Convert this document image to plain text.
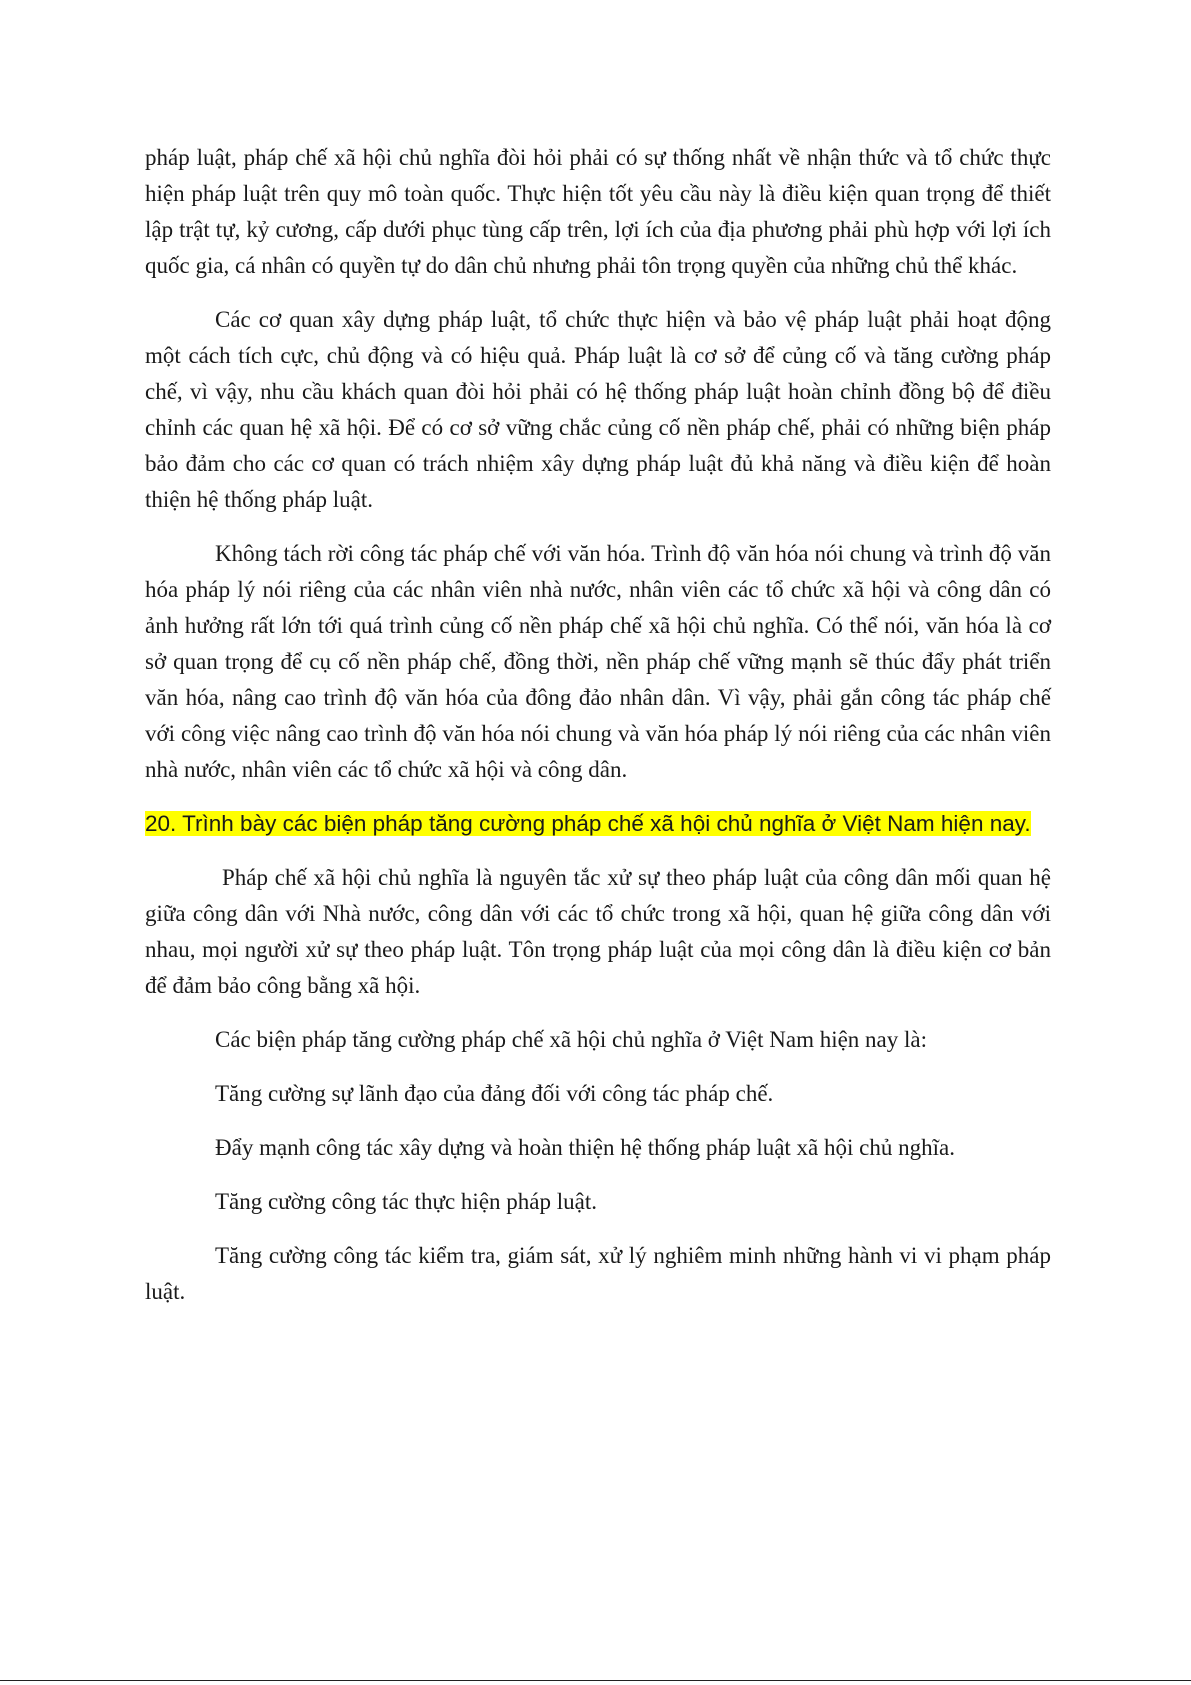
pháp luật, pháp chế xã hội chủ nghĩa đòi hỏi phải có sự thống nhất về nhận thức và tổ chức thực hiện pháp luật trên quy mô toàn quốc. Thực hiện tốt yêu cầu này là điều kiện quan trọng để thiết lập trật tự, kỷ cương, cấp dưới phục tùng cấp trên, lợi ích của địa phương phải phù hợp với lợi ích quốc gia, cá nhân có quyền tự do dân chủ nhưng phải tôn trọng quyền của những chủ thể khác.

Các cơ quan xây dựng pháp luật, tổ chức thực hiện và bảo vệ pháp luật phải hoạt động một cách tích cực, chủ động và có hiệu quả. Pháp luật là cơ sở để củng cố và tăng cường pháp chế, vì vậy, nhu cầu khách quan đòi hỏi phải có hệ thống pháp luật hoàn chỉnh đồng bộ để điều chỉnh các quan hệ xã hội. Để có cơ sở vững chắc củng cố nền pháp chế, phải có những biện pháp bảo đảm cho các cơ quan có trách nhiệm xây dựng pháp luật đủ khả năng và điều kiện để hoàn thiện hệ thống pháp luật.

Không tách rời công tác pháp chế với văn hóa. Trình độ văn hóa nói chung và trình độ văn hóa pháp lý nói riêng của các nhân viên nhà nước, nhân viên các tổ chức xã hội và công dân có ảnh hưởng rất lớn tới quá trình củng cố nền pháp chế xã hội chủ nghĩa. Có thể nói, văn hóa là cơ sở quan trọng để cụ cố nền pháp chế, đồng thời, nền pháp chế vững mạnh sẽ thúc đẩy phát triển văn hóa, nâng cao trình độ văn hóa của đông đảo nhân dân. Vì vậy, phải gắn công tác pháp chế với công việc nâng cao trình độ văn hóa nói chung và văn hóa pháp lý nói riêng của các nhân viên nhà nước, nhân viên các tổ chức xã hội và công dân.

20. Trình bày các biện pháp tăng cường pháp chế xã hội chủ nghĩa ở Việt Nam hiện nay.

Pháp chế xã hội chủ nghĩa là nguyên tắc xử sự theo pháp luật của công dân mối quan hệ giữa công dân với Nhà nước, công dân với các tổ chức trong xã hội, quan hệ giữa công dân với nhau, mọi người xử sự theo pháp luật. Tôn trọng pháp luật của mọi công dân là điều kiện cơ bản để đảm bảo công bằng xã hội.

Các biện pháp tăng cường pháp chế xã hội chủ nghĩa ở Việt Nam hiện nay là:

Tăng cường sự lãnh đạo của đảng đối với công tác pháp chế.

Đẩy mạnh công tác xây dựng và hoàn thiện hệ thống pháp luật xã hội chủ nghĩa.

Tăng cường công tác thực hiện pháp luật.

Tăng cường công tác kiểm tra, giám sát, xử lý nghiêm minh những hành vi vi phạm pháp luật.
